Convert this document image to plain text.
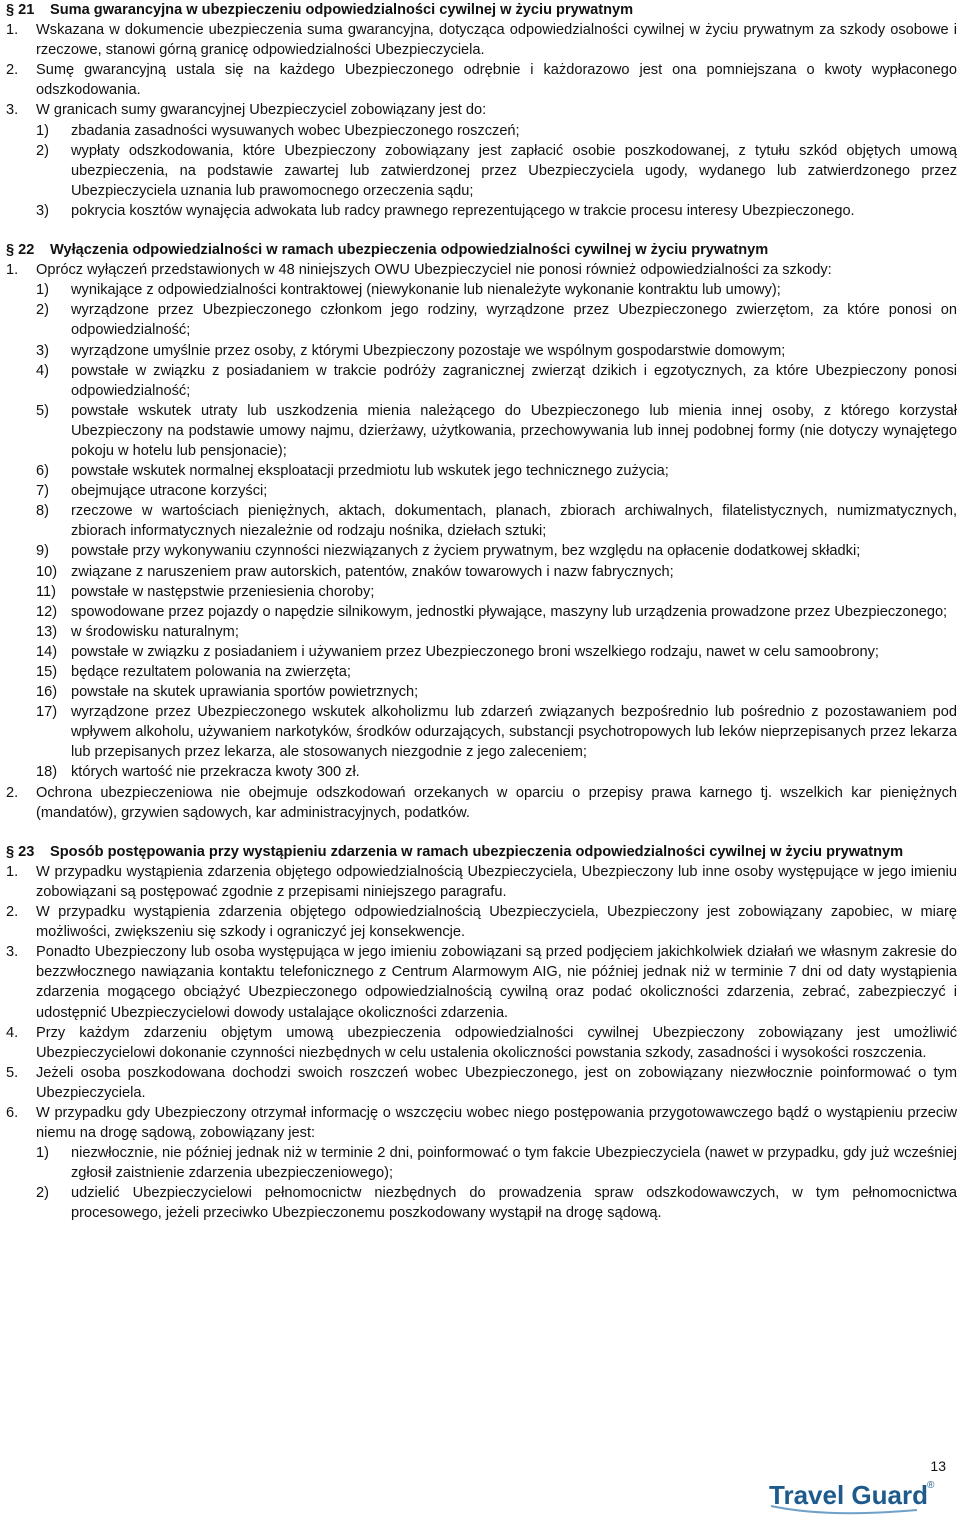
§ 21 Suma gwarancyjna w ubezpieczeniu odpowiedzialności cywilnej w życiu prywatnym
1.	Wskazana w dokumencie ubezpieczenia suma gwarancyjna, dotycząca odpowiedzialności cywilnej w życiu prywatnym za szkody osobowe i rzeczowe, stanowi górną granicę odpowiedzialności Ubezpieczyciela.
2.	Sumę gwarancyjną ustala się na każdego Ubezpieczonego odrębnie i każdorazowo jest ona pomniejszana o kwoty wypłaconego odszkodowania.
3.	W granicach sumy gwarancyjnej Ubezpieczyciel zobowiązany jest do:
1)	zbadania zasadności wysuwanych wobec Ubezpieczonego roszczeń;
2)	wypłaty odszkodowania, które Ubezpieczony zobowiązany jest zapłacić osobie poszkodowanej, z tytułu szkód objętych umową ubezpieczenia, na podstawie zawartej lub zatwierdzonej przez Ubezpieczyciela ugody, wydanego lub zatwierdzonego przez Ubezpieczyciela uznania lub prawomocnego orzeczenia sądu;
3)	pokrycia kosztów wynajęcia adwokata lub radcy prawnego reprezentującego w trakcie procesu interesy Ubezpieczonego.
§ 22 Wyłączenia odpowiedzialności w ramach ubezpieczenia odpowiedzialności cywilnej w życiu prywatnym
1.	Oprócz wyłączeń przedstawionych w 48 niniejszych OWU Ubezpieczyciel nie ponosi również odpowiedzialności za szkody:
1)	wynikające z odpowiedzialności kontraktowej (niewykonanie lub nienależyte wykonanie kontraktu lub umowy);
2)	wyrządzone przez Ubezpieczonego członkom jego rodziny, wyrządzone przez Ubezpieczonego zwierzętom, za które ponosi on odpowiedzialność;
3)	wyrządzone umyślnie przez osoby, z którymi Ubezpieczony pozostaje we wspólnym gospodarstwie domowym;
4)	powstałe w związku z posiadaniem w trakcie podróży zagranicznej zwierząt dzikich i egzotycznych, za które Ubezpieczony ponosi odpowiedzialność;
5)	powstałe wskutek utraty lub uszkodzenia mienia należącego do Ubezpieczonego lub mienia innej osoby, z którego korzystał Ubezpieczony na podstawie umowy najmu, dzierżawy, użytkowania, przechowywania lub innej podobnej formy (nie dotyczy wynajętego pokoju w hotelu lub pensjonacie);
6)	powstałe wskutek normalnej eksploatacji przedmiotu lub wskutek jego technicznego zużycia;
7)	obejmujące utracone korzyści;
8)	rzeczowe w wartościach pieniężnych, aktach, dokumentach, planach, zbiorach archiwalnych, filatelistycznych, numizmatycznych, zbiorach informatycznych niezależnie od rodzaju nośnika, dziełach sztuki;
9)	powstałe przy wykonywaniu czynności niezwiązanych z życiem prywatnym, bez względu na opłacenie dodatkowej składki;
10) związane z naruszeniem praw autorskich, patentów, znaków towarowych i nazw fabrycznych;
11)	powstałe w następstwie przeniesienia choroby;
12) spowodowane przez pojazdy o napędzie silnikowym, jednostki pływające, maszyny lub urządzenia prowadzone przez Ubezpieczonego;
13) w środowisku naturalnym;
14) powstałe w związku z posiadaniem i używaniem przez Ubezpieczonego broni wszelkiego rodzaju, nawet w celu samoobrony;
15) będące rezultatem polowania na zwierzęta;
16) powstałe na skutek uprawiania sportów powietrznych;
17) wyrządzone przez Ubezpieczonego wskutek alkoholizmu lub zdarzeń związanych bezpośrednio lub pośrednio z pozostawaniem pod wpływem alkoholu, używaniem narkotyków, środków odurzających, substancji psychotropowych lub leków nieprzepisanych przez lekarza lub przepisanych przez lekarza, ale stosowanych niezgodnie z jego zaleceniem;
18) których wartość nie przekracza kwoty 300 zł.
2.	Ochrona ubezpieczeniowa nie obejmuje odszkodowań orzekanych w oparciu o przepisy prawa karnego tj. wszelkich kar pieniężnych (mandatów), grzywien sądowych, kar administracyjnych, podatków.
§ 23 Sposób postępowania przy wystąpieniu zdarzenia w ramach ubezpieczenia odpowiedzialności cywilnej w życiu prywatnym
1.	W przypadku wystąpienia zdarzenia objętego odpowiedzialnością Ubezpieczyciela, Ubezpieczony lub inne osoby występujące w jego imieniu zobowiązani są postępować zgodnie z przepisami niniejszego paragrafu.
2.	W przypadku wystąpienia zdarzenia objętego odpowiedzialnością Ubezpieczyciela, Ubezpieczony jest zobowiązany zapobiec, w miarę możliwości, zwiększeniu się szkody i ograniczyć jej konsekwencje.
3.	Ponadto Ubezpieczony lub osoba występująca w jego imieniu zobowiązani są przed podjęciem jakichkolwiek działań we własnym zakresie do bezzwłocznego nawiązania kontaktu telefonicznego z Centrum Alarmowym AIG, nie później jednak niż w terminie 7 dni od daty wystąpienia zdarzenia mogącego obciążyć Ubezpieczonego odpowiedzialnością cywilną oraz podać okoliczności zdarzenia, zebrać, zabezpieczyć i udostępnić Ubezpieczycielowi dowody ustalające okoliczności zdarzenia.
4.	Przy każdym zdarzeniu objętym umową ubezpieczenia odpowiedzialności cywilnej Ubezpieczony zobowiązany jest umożliwić Ubezpieczycielowi dokonanie czynności niezbędnych w celu ustalenia okoliczności powstania szkody, zasadności i wysokości roszczenia.
5.	Jeżeli osoba poszkodowana dochodzi swoich roszczeń wobec Ubezpieczonego, jest on zobowiązany niezwłocznie poinformować o tym Ubezpieczyciela.
6.	W przypadku gdy Ubezpieczony otrzymał informację o wszczęciu wobec niego postępowania przygotowawczego bądź o wystąpieniu przeciw niemu na drogę sądową, zobowiązany jest:
1)	niezwłocznie, nie później jednak niż w terminie 2 dni, poinformować o tym fakcie Ubezpieczyciela (nawet w przypadku, gdy już wcześniej zgłosił zaistnienie zdarzenia ubezpieczeniowego);
2)	udzielić Ubezpieczycielowi pełnomocnictw niezbędnych do prowadzenia spraw odszkodowawczych, w tym pełnomocnictwa procesowego, jeżeli przeciwko Ubezpieczonemu poszkodowany wystąpił na drogę sądową.
13
Travel Guard ®
